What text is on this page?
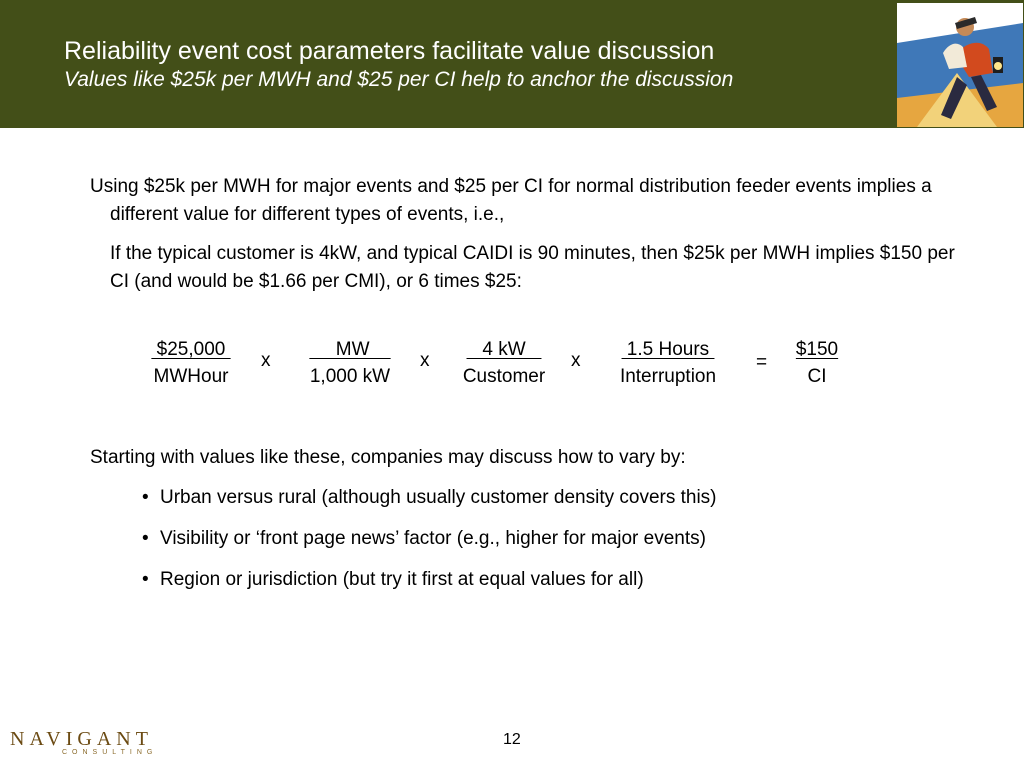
Reliability event cost parameters facilitate value discussion
Values like $25k per MWH and $25 per CI help to anchor the discussion
Using $25k per MWH for major events and $25 per CI for normal distribution feeder events implies a different value for different types of events, i.e.,
If the typical customer is 4kW, and typical CAIDI is 90 minutes, then $25k per MWH implies $150 per CI (and would be $1.66 per CMI), or 6 times $25:
$25,000
MWHour
x $\frac{MW}{1,000 kW}$ x
4 kW
Customer
x
1.5 Hours
Interruption
= $\frac{\$150}{CI}$
Starting with values like these, companies may discuss how to vary by:
• Urban versus rural (although usually customer density covers this)
• Visibility or ‘front page news’ factor (e.g., higher for major events)
• Region or jurisdiction (but try it first at equal values for all)
NAVIGANT
CONSULTING
12
